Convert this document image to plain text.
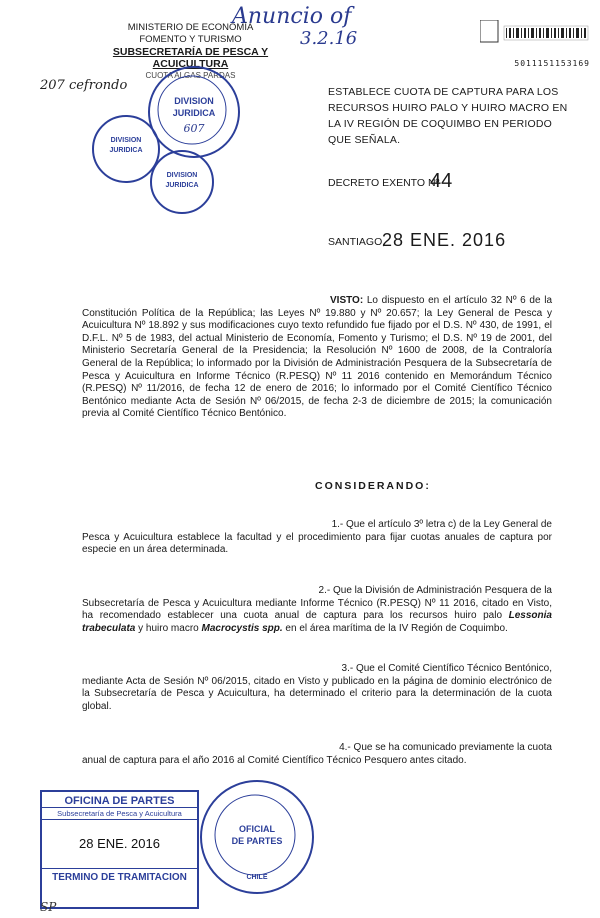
Anuncio of
3.2.16
207 cefrondo
MINISTERIO DE ECONOMÍA
FOMENTO Y TURISMO
SUBSECRETARÍA DE PESCA Y ACUICULTURA
CUOTA ALGAS PARDAS
DIVISION
JURIDICA
607
DIVISION
JURIDICA
DIVISION
JURIDICA
5011151153169
ESTABLECE CUOTA DE CAPTURA PARA LOS RECURSOS HUIRO PALO Y HUIRO MACRO EN LA IV REGIÓN DE COQUIMBO EN PERIODO QUE SEÑALA.
DECRETO EXENTO Nº
44
SANTIAGO,
28 ENE. 2016
VISTO: Lo dispuesto en el artículo 32 Nº 6 de la Constitución Política de la República; las Leyes Nº 19.880 y Nº 20.657; la Ley General de Pesca y Acuicultura Nº 18.892 y sus modificaciones cuyo texto refundido fue fijado por el D.S. Nº 430, de 1991, el D.F.L. Nº 5 de 1983, del actual Ministerio de Economía, Fomento y Turismo; el D.S. Nº 19 de 2001, del Ministerio Secretaría General de la Presidencia; la Resolución Nº 1600 de 2008, de la Contraloría General de la República; lo informado por la División de Administración Pesquera de la Subsecretaría de Pesca y Acuicultura en Informe Técnico (R.PESQ) Nº 11 2016 contenido en Memorándum Técnico (R.PESQ) Nº 11/2016, de fecha 12 de enero de 2016; lo informado por el Comité Científico Técnico Bentónico mediante Acta de Sesión Nº 06/2015, de fecha 2-3 de diciembre de 2015; la comunicación previa al Comité Científico Técnico Bentónico.
CONSIDERANDO:
1.- Que el artículo 3º letra c) de la Ley General de
Pesca y Acuicultura establece la facultad y el procedimiento para fijar cuotas anuales de captura por especie en un área determinada.
2.- Que la División de Administración Pesquera de la
Subsecretaría de Pesca y Acuicultura mediante Informe Técnico (R.PESQ) Nº 11 2016, citado en Visto, ha recomendado establecer una cuota anual de captura para los recursos huiro palo Lessonia trabeculata y huiro macro Macrocystis spp. en el área marítima de la IV Región de Coquimbo.
3.- Que el Comité Científico Técnico Bentónico,
mediante Acta de Sesión Nº 06/2015, citado en Visto y publicado en la página de dominio electrónico de la Subsecretaría de Pesca y Acuicultura, ha determinado el criterio para la determinación de la cuota global.
4.- Que se ha comunicado previamente la cuota
anual de captura para el año 2016 al Comité Científico Técnico Pesquero antes citado.
OFICINA DE PARTES
Subsecretaría de Pesca y Acuicultura
28 ENE. 2016
TERMINO DE TRAMITACION
OFICIAL
DE PARTES
CHILE
SP
